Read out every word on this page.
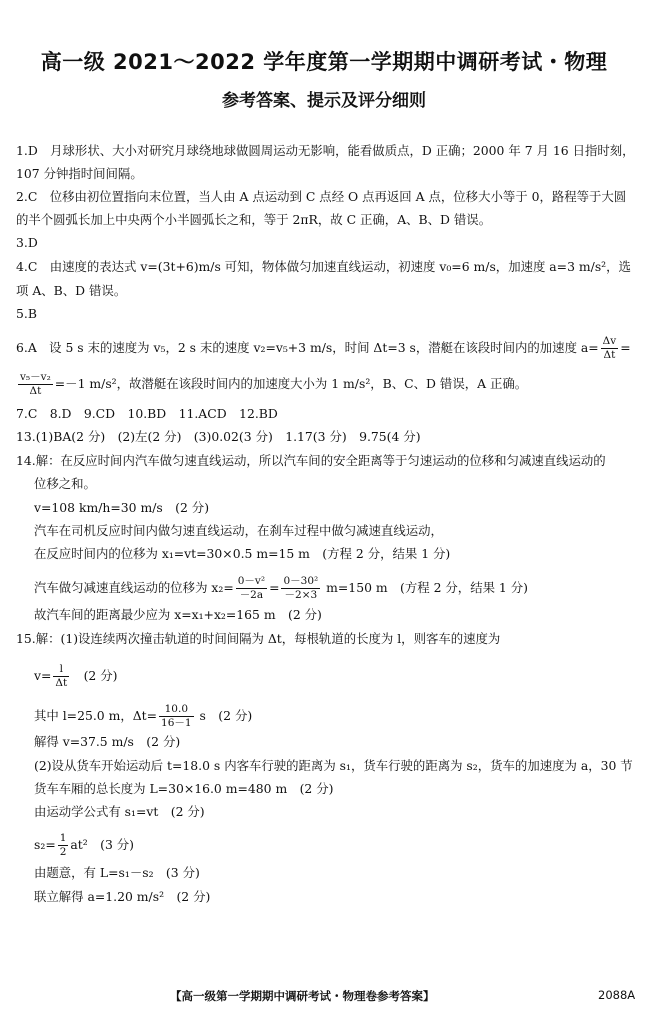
高一级 2021～2022 学年度第一学期期中调研考试・物理
参考答案、提示及评分细则
1.D　月球形状、大小对研究月球绕地球做圆周运动无影响，能看做质点，D 正确；2000 年 7 月 16 日指时刻，
107 分钟指时间间隔。
2.C　位移由初位置指向末位置，当人由 A 点运动到 C 点经 O 点再返回 A 点，位移大小等于 0，路程等于大圆
的半个圆弧长加上中央两个小半圆弧长之和，等于 2πR，故 C 正确，A、B、D 错误。
3.D
4.C　由速度的表达式 v=(3t+6)m/s 可知，物体做匀加速直线运动，初速度 v₀=6 m/s，加速度 a=3 m/s²，选
项 A、B、D 错误。
5.B
6.A　设 5 s 末的速度为 v₅，2 s 末的速度 v₂=v₅+3 m/s，时间 Δt=3 s，潜艇在该段时间内的加速度 $a= \frac{\Delta v}{\Delta t}$ =
$\frac{\text{v₅－v₂}}{\Delta t} =-1$ m/s²，故潜艇在该段时间内的加速度大小为 1 m/s²，B、C、D 错误，A 正确。
7.C　8.D　9.CD　10.BD　11.ACD　12.BD
13.(1)BA(2 分)　(2)左(2 分)　(3)0.02(3 分)　1.17(3 分)　9.75(4 分)
14.解：在反应时间内汽车做匀速直线运动，所以汽车间的安全距离等于匀速运动的位移和匀减速直线运动的
位移之和。
v=108 km/h=30 m/s　(2 分)
汽车在司机反应时间内做匀速直线运动，在刹车过程中做匀减速直线运动，
在反应时间内的位移为 x₁=vt=30×0.5 m=15 m　(方程 2 分，结果 1 分)
汽车做匀减速直线运动的位移为 $x_2= \frac{\text{0－v²}}{-2a} = \frac{\text{0－30²}}{-2\times 3} m=150$ m　(方程 2 分，结果 1 分)
故汽车间的距离最少应为 x=x₁+x₂=165 m　(2 分)
15.解：(1)设连续两次撞击轨道的时间间隔为 Δt，每根轨道的长度为 l，则客车的速度为
$v= \frac{l}{\Delta t}$ 　(2 分)
其中 l=25.0 m，$\Delta t= \frac{10.0}{16-1}$ s　(2 分)
解得 v=37.5 m/s　(2 分)
(2)设从货车开始运动后 t=18.0 s 内客车行驶的距离为 s₁，货车行驶的距离为 s₂，货车的加速度为 a，30 节
货车车厢的总长度为 L=30×16.0 m=480 m　(2 分)
由运动学公式有 s₁=vt　(2 分)
$s_2= \frac{1}{2} at^2$　(3 分)
由题意，有 L=s₁－s₂　(3 分)
联立解得 a=1.20 m/s²　(2 分)
【高一级第一学期期中调研考试・物理卷参考答案】	2088A
